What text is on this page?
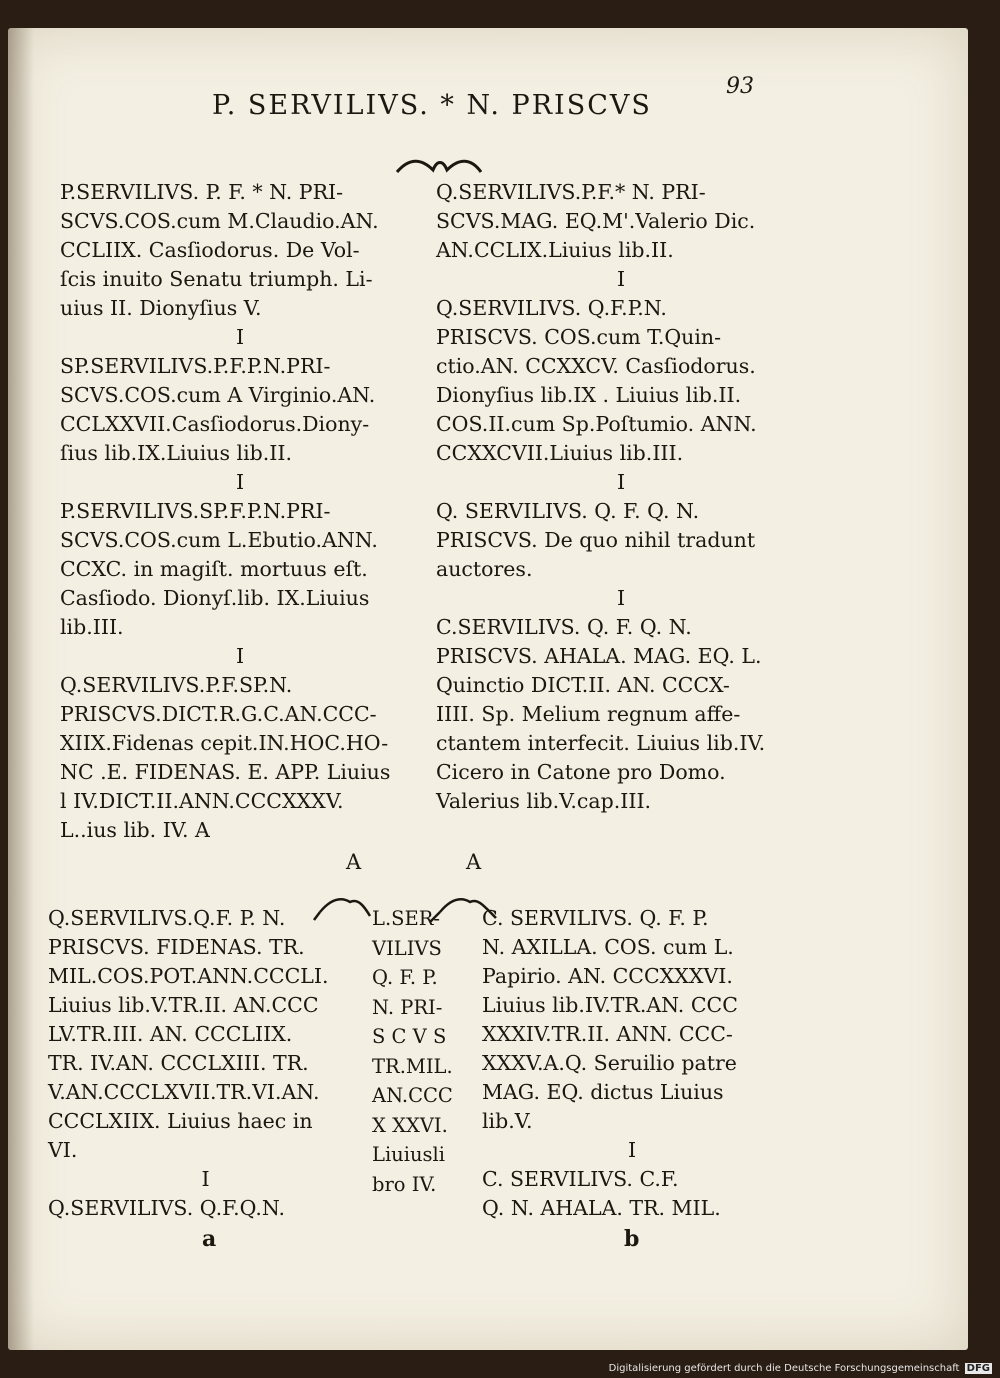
P. SERVILIVS. * N. PRISCVS
93
P.SERVILIVS. P. F. * N. PRI-
SCVS.COS.cum M.Claudio.AN.
CCLIIX. Casſiodorus. De Vol-
ſcis inuito Senatu triumph. Li-
uius II. Dionyſius V.
I
SP.SERVILIVS.P.F.P.N.PRI-
SCVS.COS.cum A Virginio.AN.
CCLXXVII.Casſiodorus.Diony-
ſius lib.IX.Liuius lib.II.
I
P.SERVILIVS.SP.F.P.N.PRI-
SCVS.COS.cum L.Ebutio.ANN.
CCXC. in magiſt. mortuus eſt.
Casſiodo. Dionyſ.lib. IX.Liuius
lib.III.
I
Q.SERVILIVS.P.F.SP.N.
PRISCVS.DICT.R.G.C.AN.CCC-
XIIX.Fidenas cepit.IN.HOC.HO-
NC .E. FIDENAS. E. APP. Liuius
l IV.DICT.II.ANN.CCCXXXV.
L..ius lib. IV. A
Q.SERVILIVS.P.F.* N. PRI-
SCVS.MAG. EQ.M'.Valerio Dic.
AN.CCLIX.Liuius lib.II.
I
Q.SERVILIVS. Q.F.P.N.
PRISCVS. COS.cum T.Quin-
ctio.AN. CCXXCV. Casſiodorus.
Dionyſius lib.IX . Liuius lib.II.
COS.II.cum Sp.Poſtumio. ANN.
CCXXCVII.Liuius lib.III.
I
Q. SERVILIVS. Q. F. Q. N.
PRISCVS. De quo nihil tradunt
auctores.
I
C.SERVILIVS. Q. F. Q. N.
PRISCVS. AHALA. MAG. EQ. L.
Quinctio DICT.II. AN. CCCX-
IIII. Sp. Melium regnum affe-
ctantem interfecit. Liuius lib.IV.
Cicero in Catone pro Domo.
Valerius lib.V.cap.III.
A	A
Q.SERVILIVS.Q.F. P. N.
PRISCVS. FIDENAS. TR.
MIL.COS.POT.ANN.CCCLI.
Liuius lib.V.TR.II. AN.CCC
LV.TR.III. AN. CCCLIIX.
TR. IV.AN. CCCLXIII. TR.
V.AN.CCCLXVII.TR.VI.AN.
CCCLXIIX. Liuius haec in
VI.
I
Q.SERVILIVS. Q.F.Q.N.
L.SER-
VILIVS
Q. F. P.
N. PRI-
S C V S
TR.MIL.
AN.CCC
X XXVI.
Liuiusli
bro IV.
C. SERVILIVS. Q. F. P.
N. AXILLA. COS. cum L.
Papirio. AN. CCCXXXVI.
Liuius lib.IV.TR.AN. CCC
XXXIV.TR.II. ANN. CCC-
XXXV.A.Q. Seruilio patre
MAG. EQ. dictus Liuius
lib.V.
I
C. SERVILIVS. C.F.
Q. N. AHALA. TR. MIL.
a	b
Digitalisierung gefördert durch die Deutsche Forschungsgemeinschaft DFG
